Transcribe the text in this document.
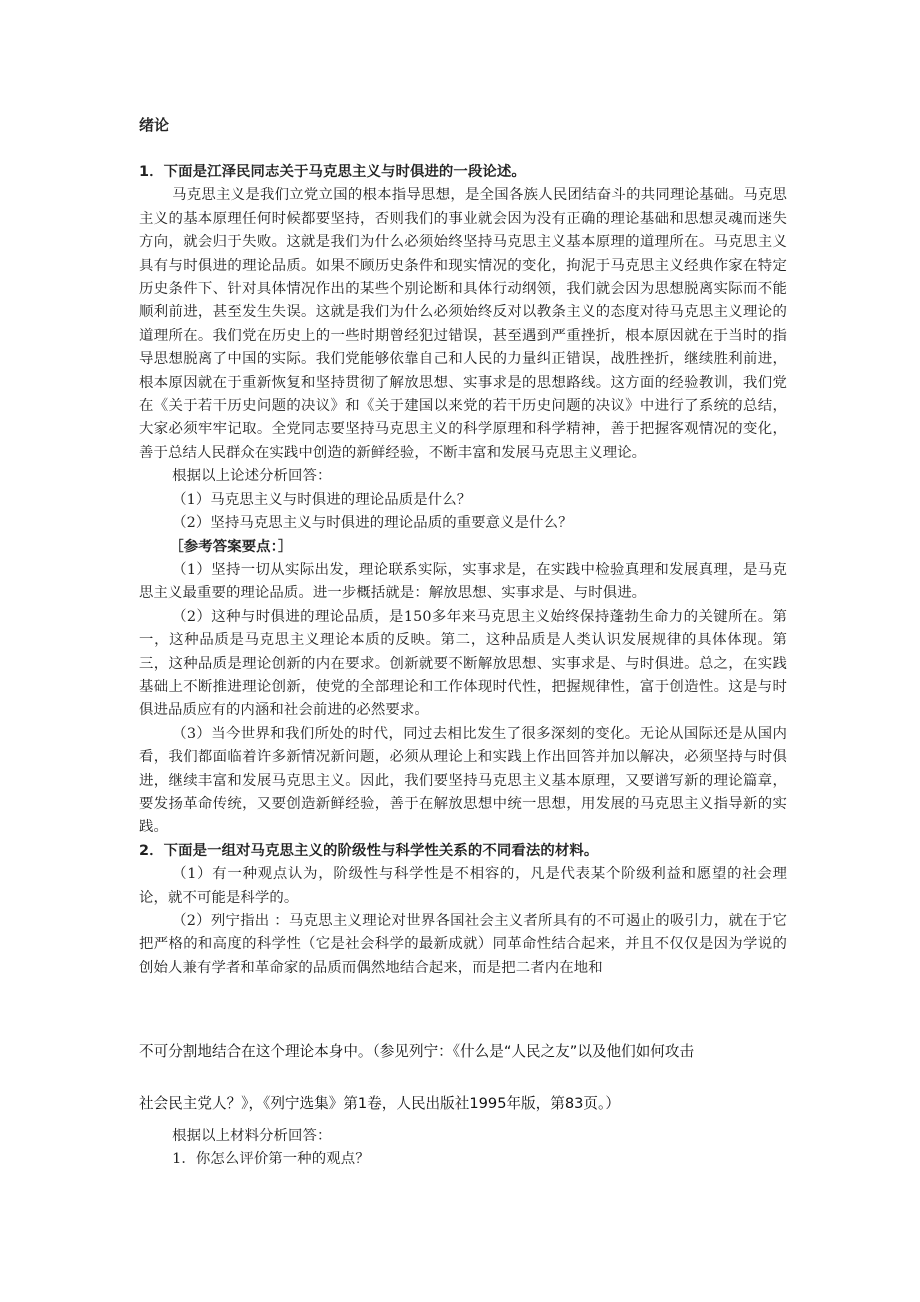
绪论

1．下面是江泽民同志关于马克思主义与时俱进的一段论述。

马克思主义是我们立党立国的根本指导思想，是全国各族人民团结奋斗的共同理论基础。马克思主义的基本原理任何时候都要坚持，否则我们的事业就会因为没有正确的理论基础和思想灵魂而迷失方向，就会归于失败。这就是我们为什么必须始终坚持马克思主义基本原理的道理所在。马克思主义具有与时俱进的理论品质。如果不顾历史条件和现实情况的变化，拘泥于马克思主义经典作家在特定历史条件下、针对具体情况作出的某些个别论断和具体行动纲领，我们就会因为思想脱离实际而不能顺利前进，甚至发生失误。这就是我们为什么必须始终反对以教条主义的态度对待马克思主义理论的道理所在。我们党在历史上的一些时期曾经犯过错误，甚至遇到严重挫折，根本原因就在于当时的指导思想脱离了中国的实际。我们党能够依靠自己和人民的力量纠正错误，战胜挫折，继续胜利前进，根本原因就在于重新恢复和坚持贯彻了解放思想、实事求是的思想路线。这方面的经验教训，我们党在《关于若干历史问题的决议》和《关于建国以来党的若干历史问题的决议》中进行了系统的总结，大家必须牢牢记取。全党同志要坚持马克思主义的科学原理和科学精神，善于把握客观情况的变化，善于总结人民群众在实践中创造的新鲜经验，不断丰富和发展马克思主义理论。

根据以上论述分析回答：

（1）马克思主义与时俱进的理论品质是什么？

（2）坚持马克思主义与时俱进的理论品质的重要意义是什么？

［参考答案要点：］

（1）坚持一切从实际出发，理论联系实际，实事求是，在实践中检验真理和发展真理，是马克思主义最重要的理论品质。进一步概括就是：解放思想、实事求是、与时俱进。

（2）这种与时俱进的理论品质，是150多年来马克思主义始终保持蓬勃生命力的关键所在。第一，这种品质是马克思主义理论本质的反映。第二，这种品质是人类认识发展规律的具体体现。第三，这种品质是理论创新的内在要求。创新就要不断解放思想、实事求是、与时俱进。总之，在实践基础上不断推进理论创新，使党的全部理论和工作体现时代性，把握规律性，富于创造性。这是与时俱进品质应有的内涵和社会前进的必然要求。

（3）当今世界和我们所处的时代，同过去相比发生了很多深刻的变化。无论从国际还是从国内看，我们都面临着许多新情况新问题，必须从理论上和实践上作出回答并加以解决，必须坚持与时俱进，继续丰富和发展马克思主义。因此，我们要坚持马克思主义基本原理，又要谱写新的理论篇章，要发扬革命传统，又要创造新鲜经验，善于在解放思想中统一思想，用发展的马克思主义指导新的实践。

2．下面是一组对马克思主义的阶级性与科学性关系的不同看法的材料。

（1）有一种观点认为，阶级性与科学性是不相容的，凡是代表某个阶级利益和愿望的社会理论，就不可能是科学的。

（2）列宁指出 ：马克思主义理论对世界各国社会主义者所具有的不可遏止的吸引力，就在于它把严格的和高度的科学性（它是社会科学的最新成就）同革命性结合起来，并且不仅仅是因为学说的创始人兼有学者和革命家的品质而偶然地结合起来，而是把二者内在地和

不可分割地结合在这个理论本身中。（参见列宁：《什么是“人民之友”以及他们如何攻击

社会民主党人？》，《列宁选集》第1卷，人民出版社1995年版，第83页。）

根据以上材料分析回答：

1．你怎么评价第一种的观点？
